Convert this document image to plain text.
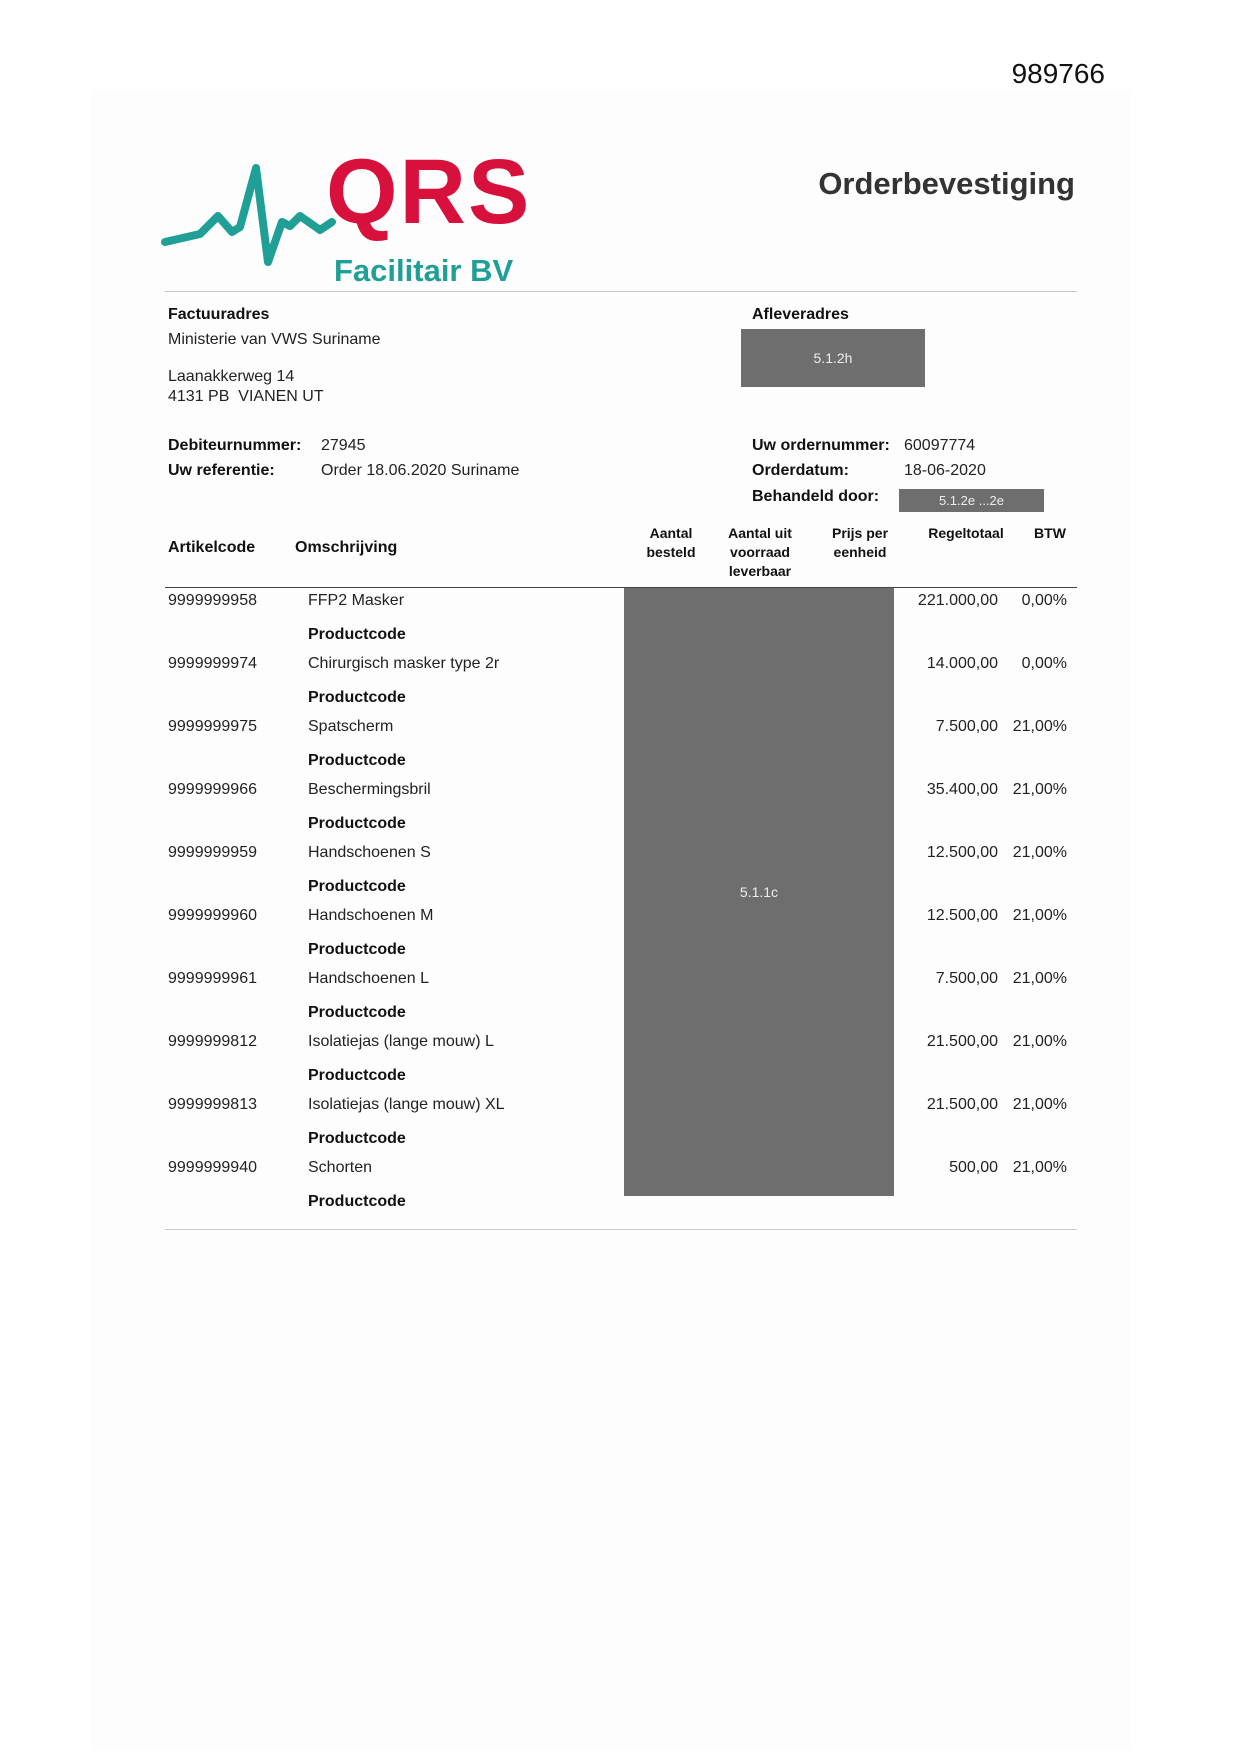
989766
QRS
Facilitair BV
Orderbevestiging
Factuuradres
Ministerie van VWS Suriname
Laanakkerweg 14
4131 PB  VIANEN UT
Afleveradres
5.1.2h
Debiteurnummer: 27945
Uw referentie:	Order 18.06.2020 Suriname
Uw ordernummer: 60097774
Orderdatum:	18-06-2020
Behandeld door:	5.1.2e ...2e
Artikelcode Omschrijving
Aantal
besteld
Aantal uit
voorraad
leverbaar
Prijs per
eenheid
Regeltotaal	BTW
5.1.1c
9999999958	FFP2 Masker	221.000,00 0,00%
Productcode
9999999974	Chirurgisch masker type 2r	14.000,00 0,00%
Productcode
9999999975	Spatscherm	7.500,00 21,00%
Productcode
9999999966	Beschermingsbril	35.400,00 21,00%
Productcode
9999999959	Handschoenen S	12.500,00 21,00%
Productcode
9999999960	Handschoenen M	12.500,00 21,00%
Productcode
9999999961	Handschoenen L	7.500,00 21,00%
Productcode
9999999812	Isolatiejas (lange mouw) L	21.500,00 21,00%
Productcode
9999999813	Isolatiejas (lange mouw) XL	21.500,00 21,00%
Productcode
9999999940	Schorten	500,00 21,00%
Productcode
